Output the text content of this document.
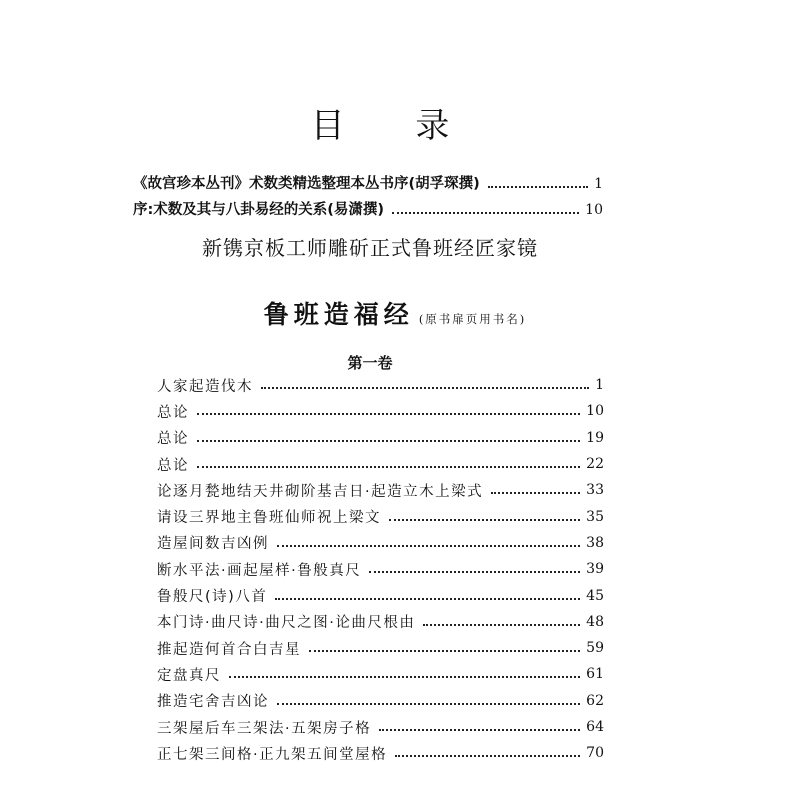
目 录
《故宫珍本丛刊》术数类精选整理本丛书序(胡孚琛撰)	1
序:术数及其与八卦易经的关系(易潇撰)	10
新镌京板工师雕斫正式鲁班经匠家镜
鲁班造福经 (原书扉页用书名)
第一卷
人家起造伐木	1
总论	10
总论	19
总论	22
论逐月甃地结天井砌阶基吉日·起造立木上梁式	33
请设三界地主鲁班仙师祝上梁文	35
造屋间数吉凶例	38
断水平法·画起屋样·鲁般真尺	39
鲁般尺(诗)八首	45
本门诗·曲尺诗·曲尺之图·论曲尺根由	48
推起造何首合白吉星	59
定盘真尺	61
推造宅舍吉凶论	62
三架屋后车三架法·五架房子格	64
正七架三间格·正九架五间堂屋格	70
